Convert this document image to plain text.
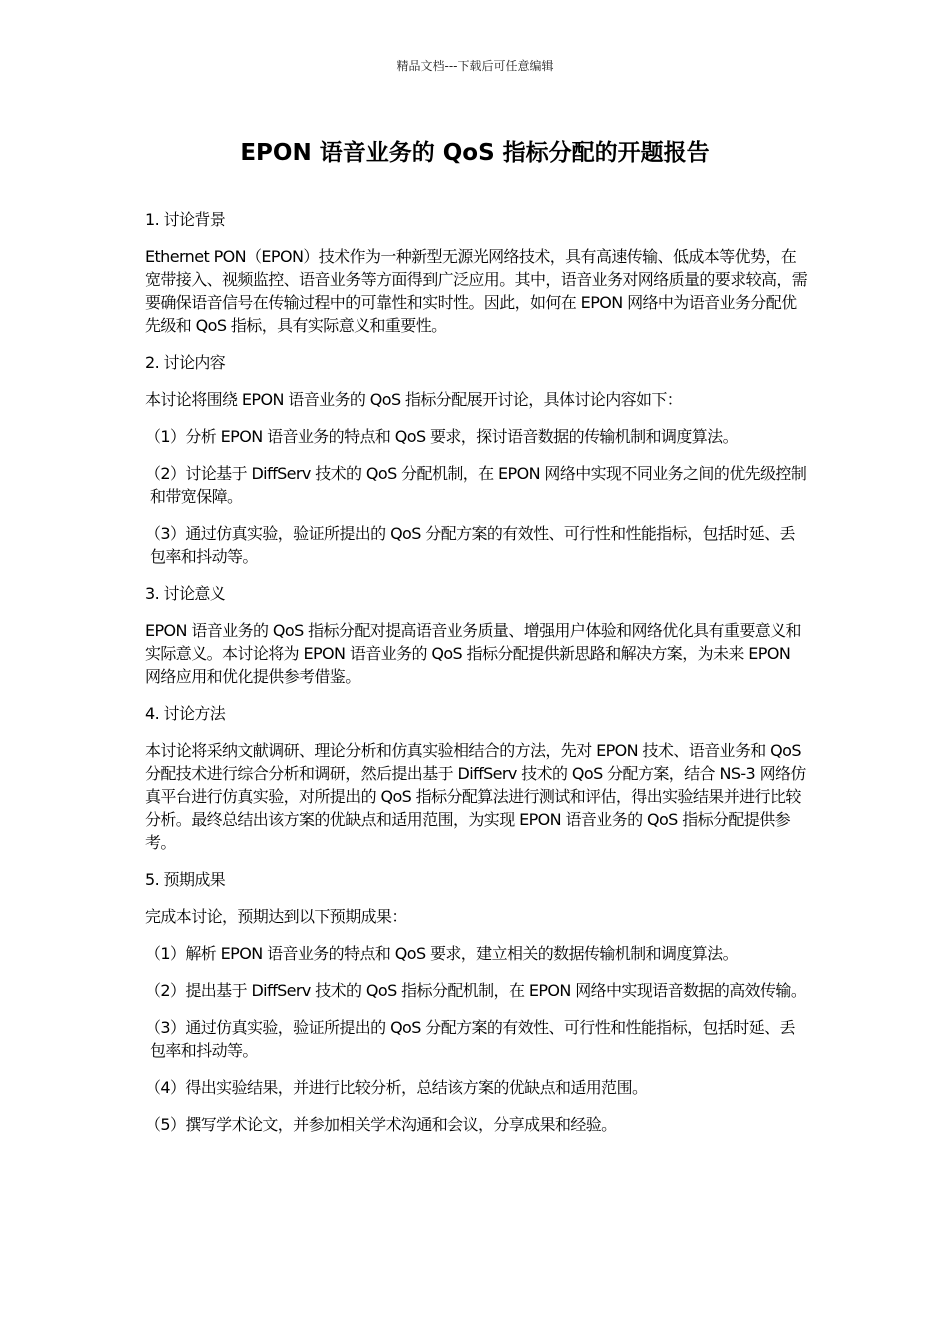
精品文档---下载后可任意编辑
EPON 语音业务的 QoS 指标分配的开题报告

1. 讨论背景

Ethernet PON（EPON）技术作为一种新型无源光网络技术，具有高速传输、低成本等优势，在宽带接入、视频监控、语音业务等方面得到广泛应用。其中，语音业务对网络质量的要求较高，需要确保语音信号在传输过程中的可靠性和实时性。因此，如何在 EPON 网络中为语音业务分配优先级和 QoS 指标，具有实际意义和重要性。

2. 讨论内容

本讨论将围绕 EPON 语音业务的 QoS 指标分配展开讨论，具体讨论内容如下：

（1）分析 EPON 语音业务的特点和 QoS 要求，探讨语音数据的传输机制和调度算法。

（2）讨论基于 DiffServ 技术的 QoS 分配机制，在 EPON 网络中实现不同业务之间的优先级控制和带宽保障。

（3）通过仿真实验，验证所提出的 QoS 分配方案的有效性、可行性和性能指标，包括时延、丢包率和抖动等。

3. 讨论意义

EPON 语音业务的 QoS 指标分配对提高语音业务质量、增强用户体验和网络优化具有重要意义和实际意义。本讨论将为 EPON 语音业务的 QoS 指标分配提供新思路和解决方案，为未来 EPON 网络应用和优化提供参考借鉴。

4. 讨论方法

本讨论将采纳文献调研、理论分析和仿真实验相结合的方法，先对 EPON 技术、语音业务和 QoS 分配技术进行综合分析和调研，然后提出基于 DiffServ 技术的 QoS 分配方案，结合 NS-3 网络仿真平台进行仿真实验，对所提出的 QoS 指标分配算法进行测试和评估，得出实验结果并进行比较分析。最终总结出该方案的优缺点和适用范围，为实现 EPON 语音业务的 QoS 指标分配提供参考。

5. 预期成果

完成本讨论，预期达到以下预期成果：

（1）解析 EPON 语音业务的特点和 QoS 要求，建立相关的数据传输机制和调度算法。

（2）提出基于 DiffServ 技术的 QoS 指标分配机制，在 EPON 网络中实现语音数据的高效传输。

（3）通过仿真实验，验证所提出的 QoS 分配方案的有效性、可行性和性能指标，包括时延、丢包率和抖动等。

（4）得出实验结果，并进行比较分析，总结该方案的优缺点和适用范围。

（5）撰写学术论文，并参加相关学术沟通和会议，分享成果和经验。
